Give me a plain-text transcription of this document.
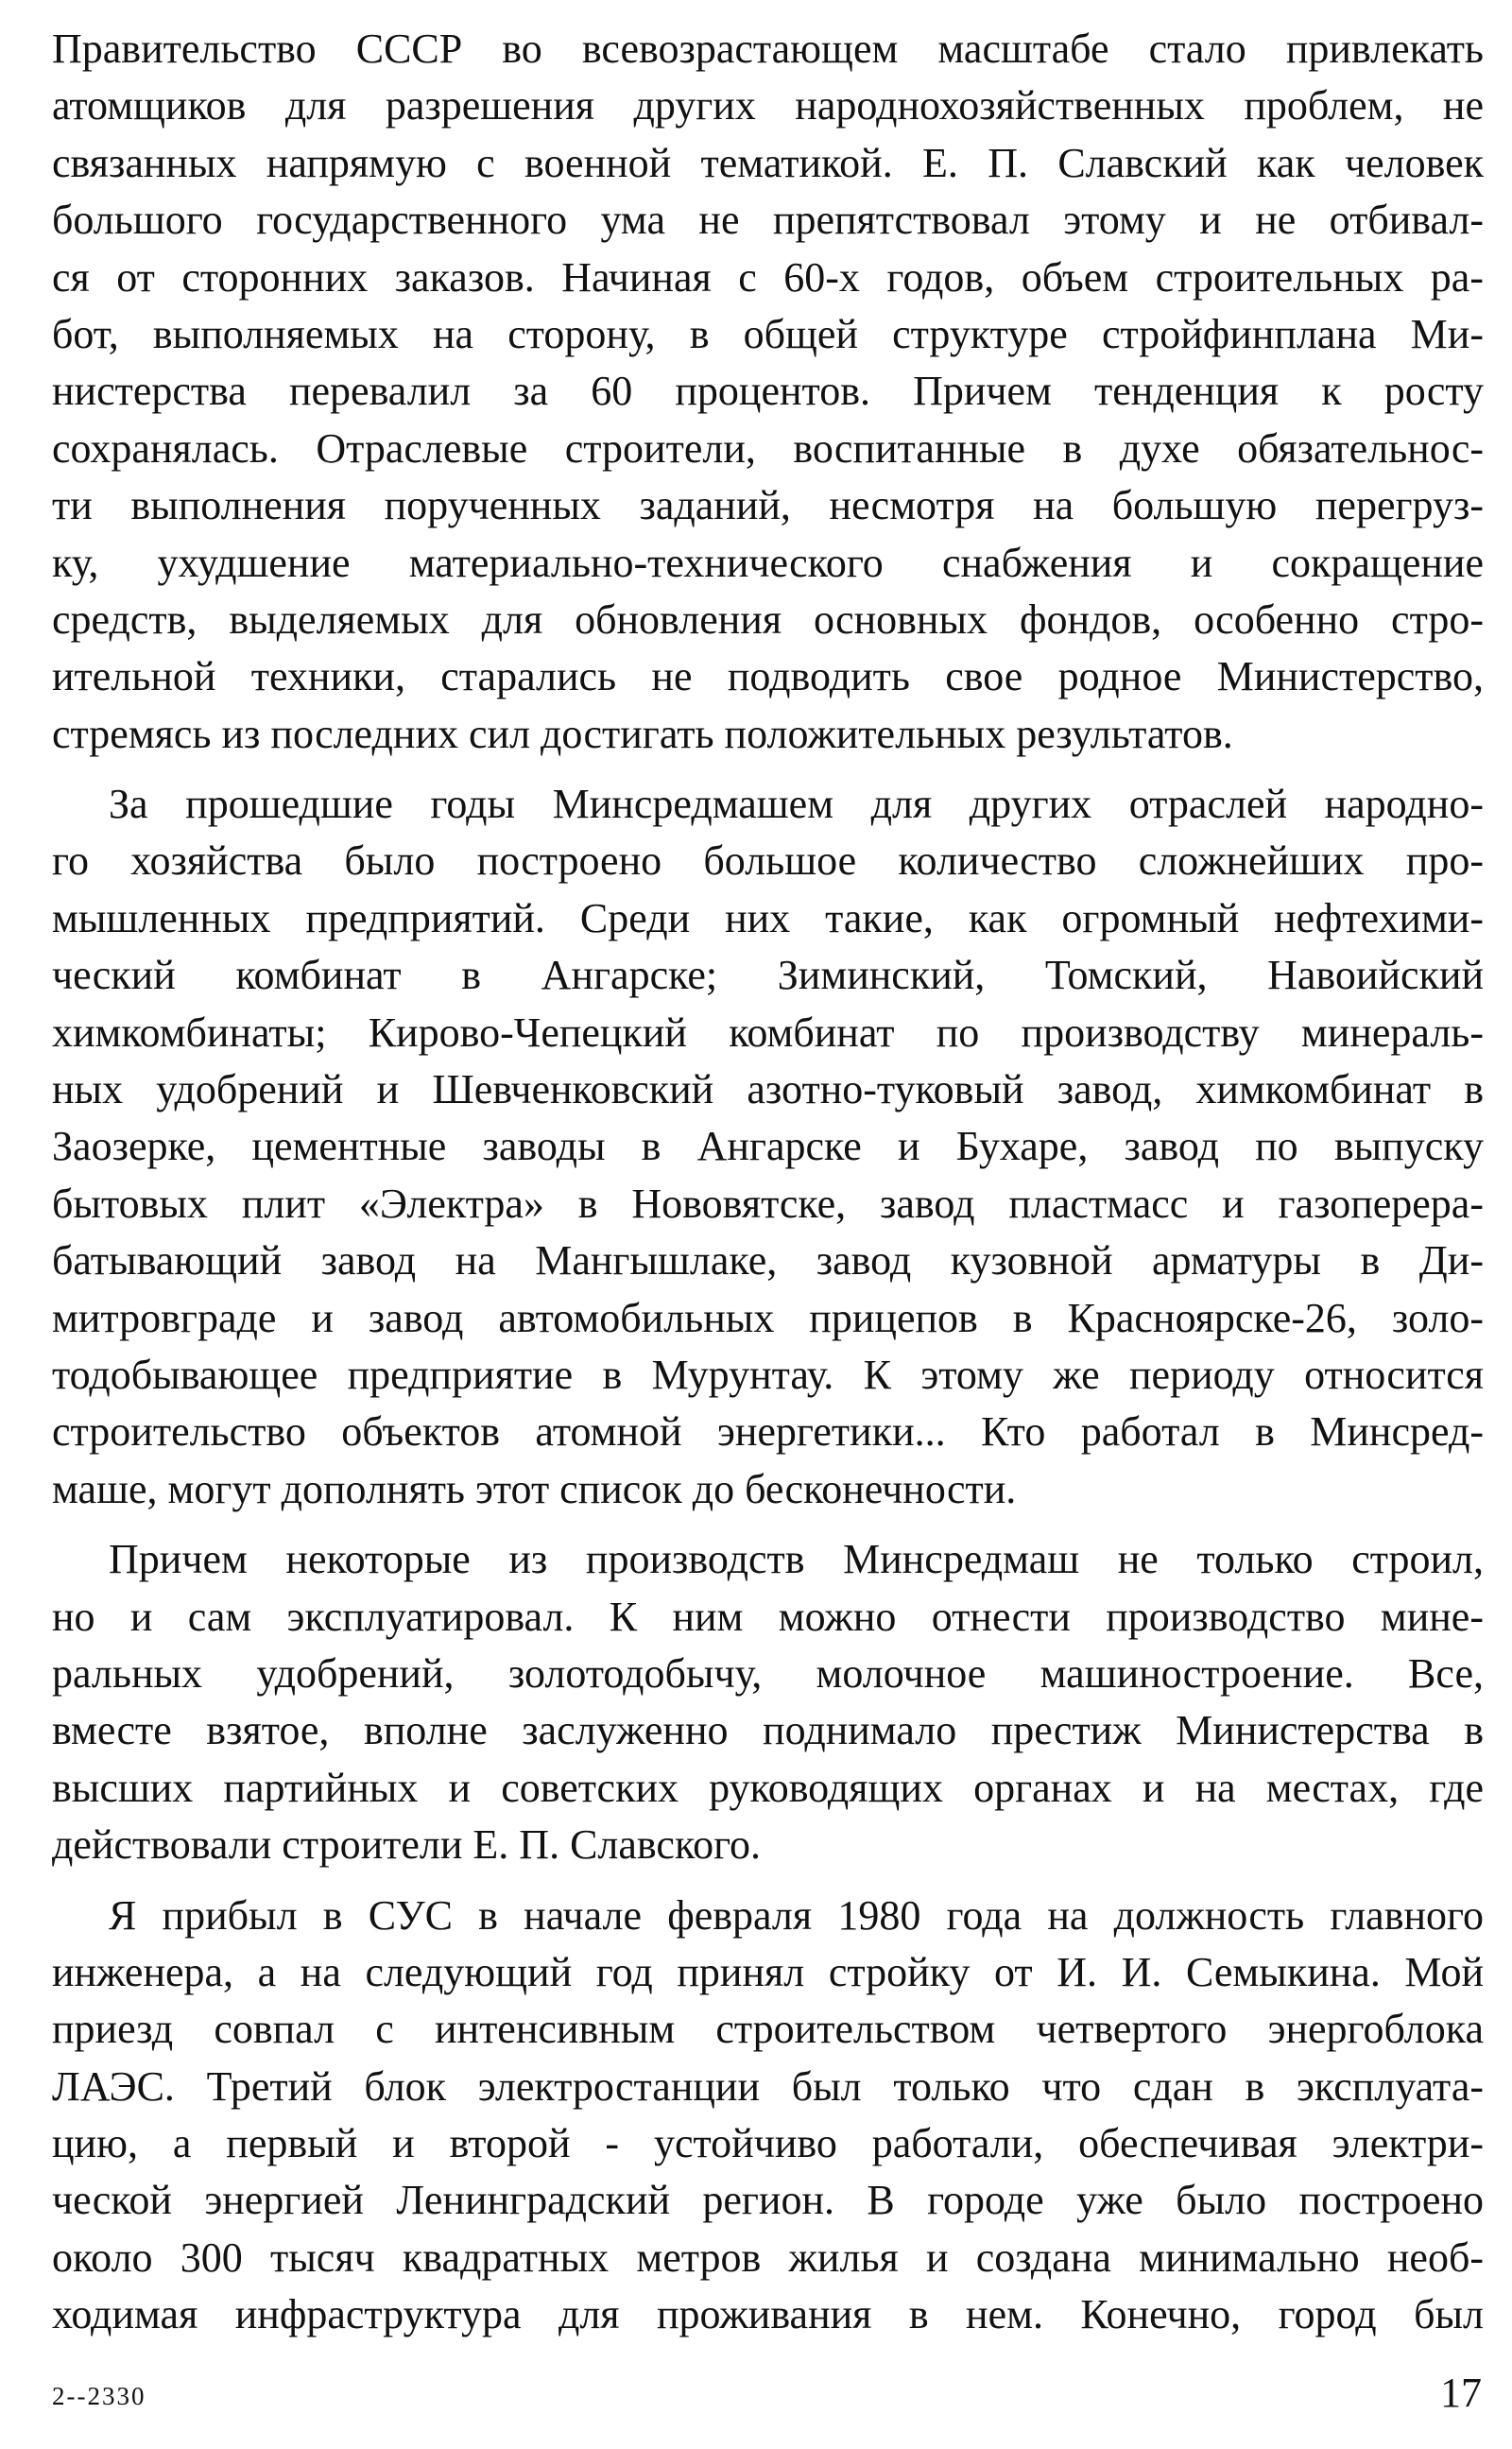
Правительство СССР во всевозрастающем масштабе стало привлекать
атомщиков для разрешения других народнохозяйственных проблем, не
связанных напрямую с военной тематикой. Е. П. Славский как человек
большого государственного ума не препятствовал этому и не отбивал-
ся от сторонних заказов. Начиная с 60-х годов, объем строительных ра-
бот, выполняемых на сторону, в общей структуре стройфинплана Ми-
нистерства перевалил за 60 процентов. Причем тенденция к росту
сохранялась. Отраслевые строители, воспитанные в духе обязательнос-
ти выполнения порученных заданий, несмотря на большую перегруз-
ку, ухудшение материально-технического снабжения и сокращение
средств, выделяемых для обновления основных фондов, особенно стро-
ительной техники, старались не подводить свое родное Министерство,
стремясь из последних сил достигать положительных результатов.
За прошедшие годы Минсредмашем для других отраслей народно-
го хозяйства было построено большое количество сложнейших про-
мышленных предприятий. Среди них такие, как огромный нефтехими-
ческий комбинат в Ангарске; Зиминский, Томский, Навоийский
химкомбинаты; Кирово-Чепецкий комбинат по производству минераль-
ных удобрений и Шевченковский азотно-туковый завод, химкомбинат в
Заозерке, цементные заводы в Ангарске и Бухаре, завод по выпуску
бытовых плит «Электра» в Нововятске, завод пластмасс и газоперера-
батывающий завод на Мангышлаке, завод кузовной арматуры в Ди-
митровграде и завод автомобильных прицепов в Красноярске-26, золо-
тодобывающее предприятие в Мурунтау. К этому же периоду относится
строительство объектов атомной энергетики... Кто работал в Минсред-
маше, могут дополнять этот список до бесконечности.
Причем некоторые из производств Минсредмаш не только строил,
но и сам эксплуатировал. К ним можно отнести производство мине-
ральных удобрений, золотодобычу, молочное машиностроение. Все,
вместе взятое, вполне заслуженно поднимало престиж Министерства в
высших партийных и советских руководящих органах и на местах, где
действовали строители Е. П. Славского.
Я прибыл в СУС в начале февраля 1980 года на должность главного
инженера, а на следующий год принял стройку от И. И. Семыкина. Мой
приезд совпал с интенсивным строительством четвертого энергоблока
ЛАЭС. Третий блок электростанции был только что сдан в эксплуата-
цию, а первый и второй - устойчиво работали, обеспечивая электри-
ческой энергией Ленинградский регион. В городе уже было построено
около 300 тысяч квадратных метров жилья и создана минимально необ-
ходимая инфраструктура для проживания в нем. Конечно, город был
2--2330	17
